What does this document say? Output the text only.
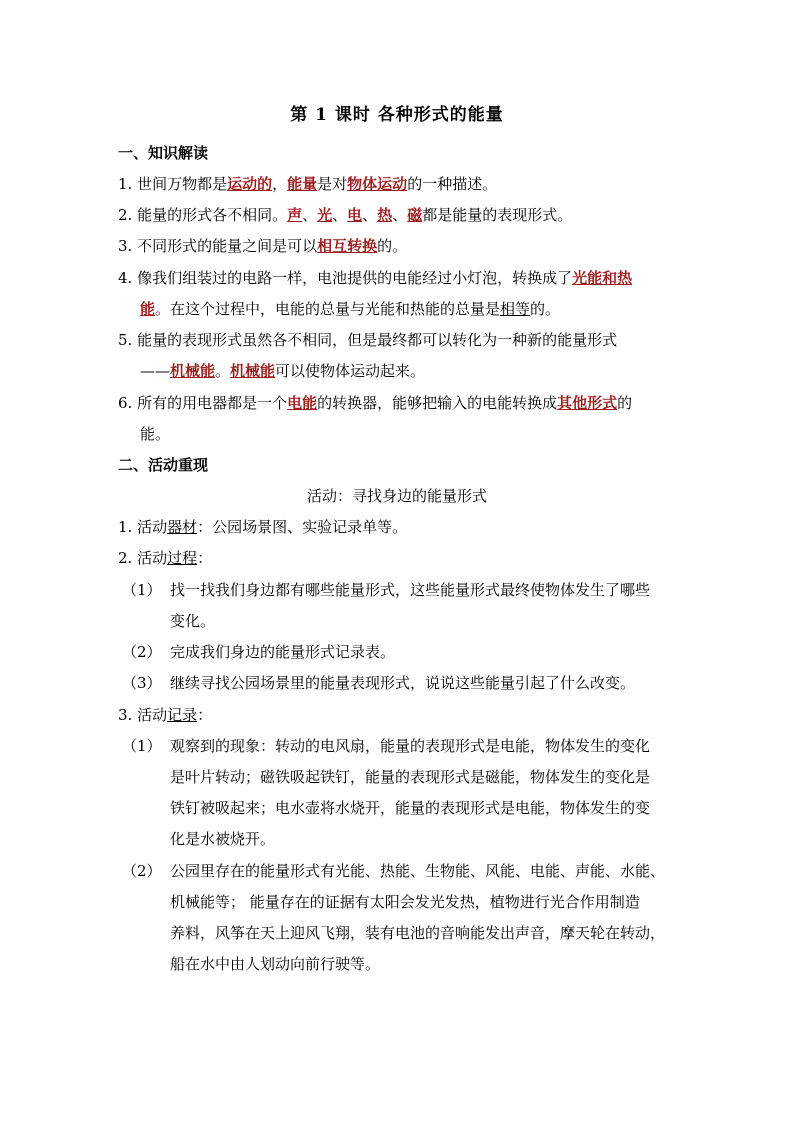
第 1 课时 各种形式的能量
一、知识解读
1. 世间万物都是运动的，能量是对物体运动的一种描述。
2. 能量的形式各不相同。声、光、电、热、磁都是能量的表现形式。
3. 不同形式的能量之间是可以相互转换的。
4. 像我们组装过的电路一样，电池提供的电能经过小灯泡，转换成了光能和热
能。在这个过程中，电能的总量与光能和热能的总量是相等的。
5. 能量的表现形式虽然各不相同，但是最终都可以转化为一种新的能量形式
——机械能。机械能可以使物体运动起来。
6. 所有的用电器都是一个电能的转换器，能够把输入的电能转换成其他形式的
能。
二、活动重现
活动：寻找身边的能量形式
1. 活动器材：公园场景图、实验记录单等。
2. 活动过程：
（1） 找一找我们身边都有哪些能量形式，这些能量形式最终使物体发生了哪些
变化。
（2） 完成我们身边的能量形式记录表。
（3） 继续寻找公园场景里的能量表现形式，说说这些能量引起了什么改变。
3. 活动记录：
（1） 观察到的现象：转动的电风扇，能量的表现形式是电能，物体发生的变化
是叶片转动；磁铁吸起铁钉，能量的表现形式是磁能，物体发生的变化是
铁钉被吸起来；电水壶将水烧开，能量的表现形式是电能，物体发生的变
化是水被烧开。
（2） 公园里存在的能量形式有光能、热能、生物能、风能、电能、声能、水能、
机械能等； 能量存在的证据有太阳会发光发热，植物进行光合作用制造
养料，风筝在天上迎风飞翔，装有电池的音响能发出声音，摩天轮在转动，
船在水中由人划动向前行驶等。
